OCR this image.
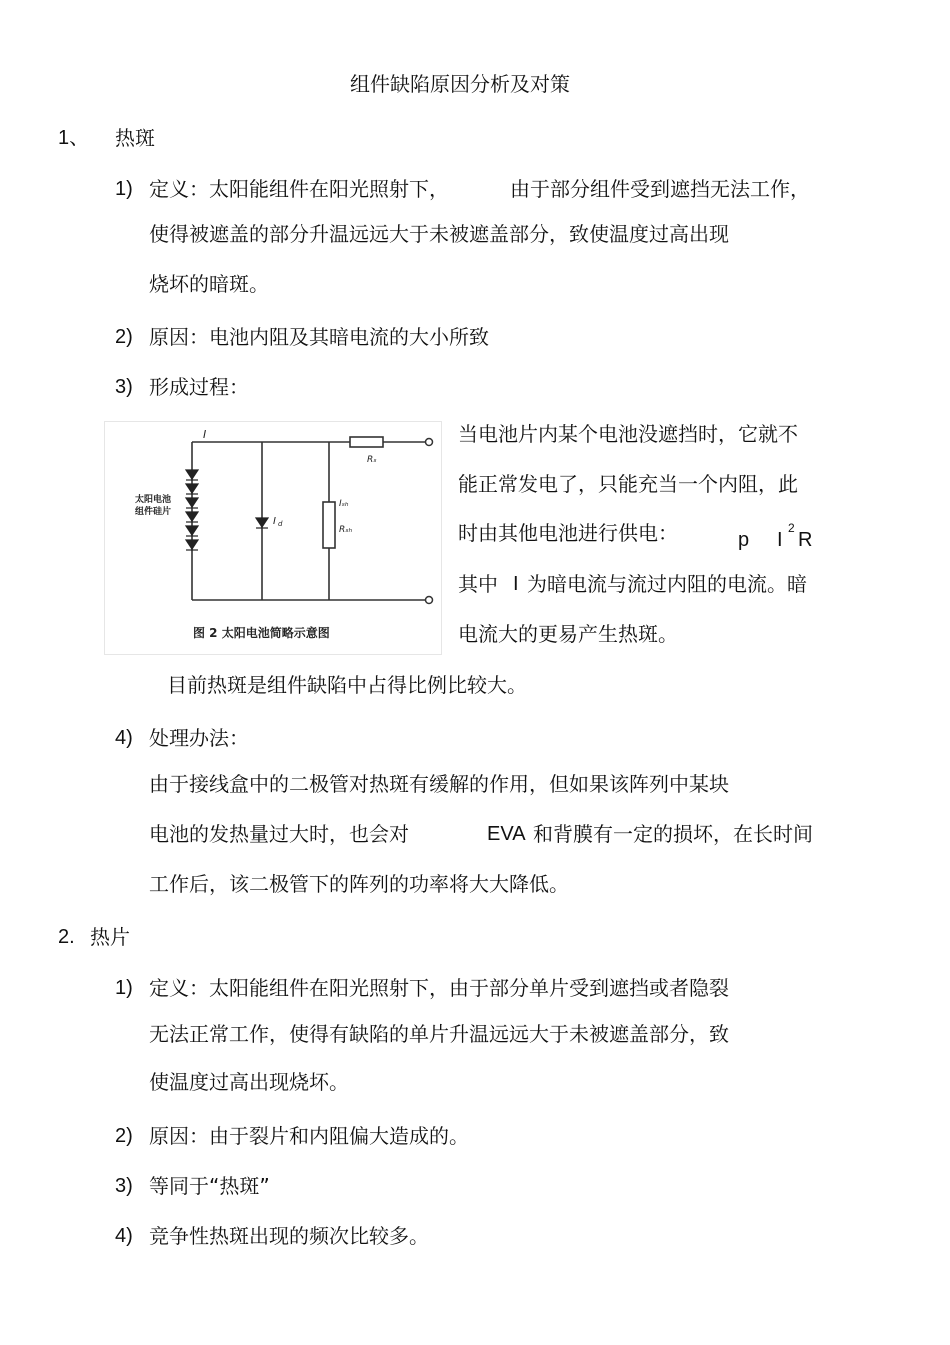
组件缺陷原因分析及对策
1、 热斑
1) 定义：太阳能组件在阳光照射下，	由于部分组件受到遮挡无法工作，
使得被遮盖的部分升温远远大于未被遮盖部分，致使温度过高出现
烧坏的暗斑。
2) 原因：电池内阻及其暗电流的大小所致
3) 形成过程：
I
Rₛ
太阳电池
组件硅片
I d
Iₛₕ
Rₛₕ
图 2 太阳电池简略示意图
当电池片内某个电池没遮挡时，它就不
能正常发电了，只能充当一个内阻，此
时由其他电池进行供电：	p I
2
R
其中 I 为暗电流与流过内阻的电流。暗
电流大的更易产生热斑。
目前热斑是组件缺陷中占得比例比较大。
4) 处理办法：
由于接线盒中的二极管对热斑有缓解的作用，但如果该阵列中某块
电池的发热量过大时，也会对	EVA 和背膜有一定的损坏，在长时间
工作后，该二极管下的阵列的功率将大大降低。
2. 热片
1) 定义：太阳能组件在阳光照射下，由于部分单片受到遮挡或者隐裂
无法正常工作，使得有缺陷的单片升温远远大于未被遮盖部分，致
使温度过高出现烧坏。
2) 原因：由于裂片和内阻偏大造成的。
3) 等同于“热斑”
4) 竞争性热斑出现的频次比较多。
